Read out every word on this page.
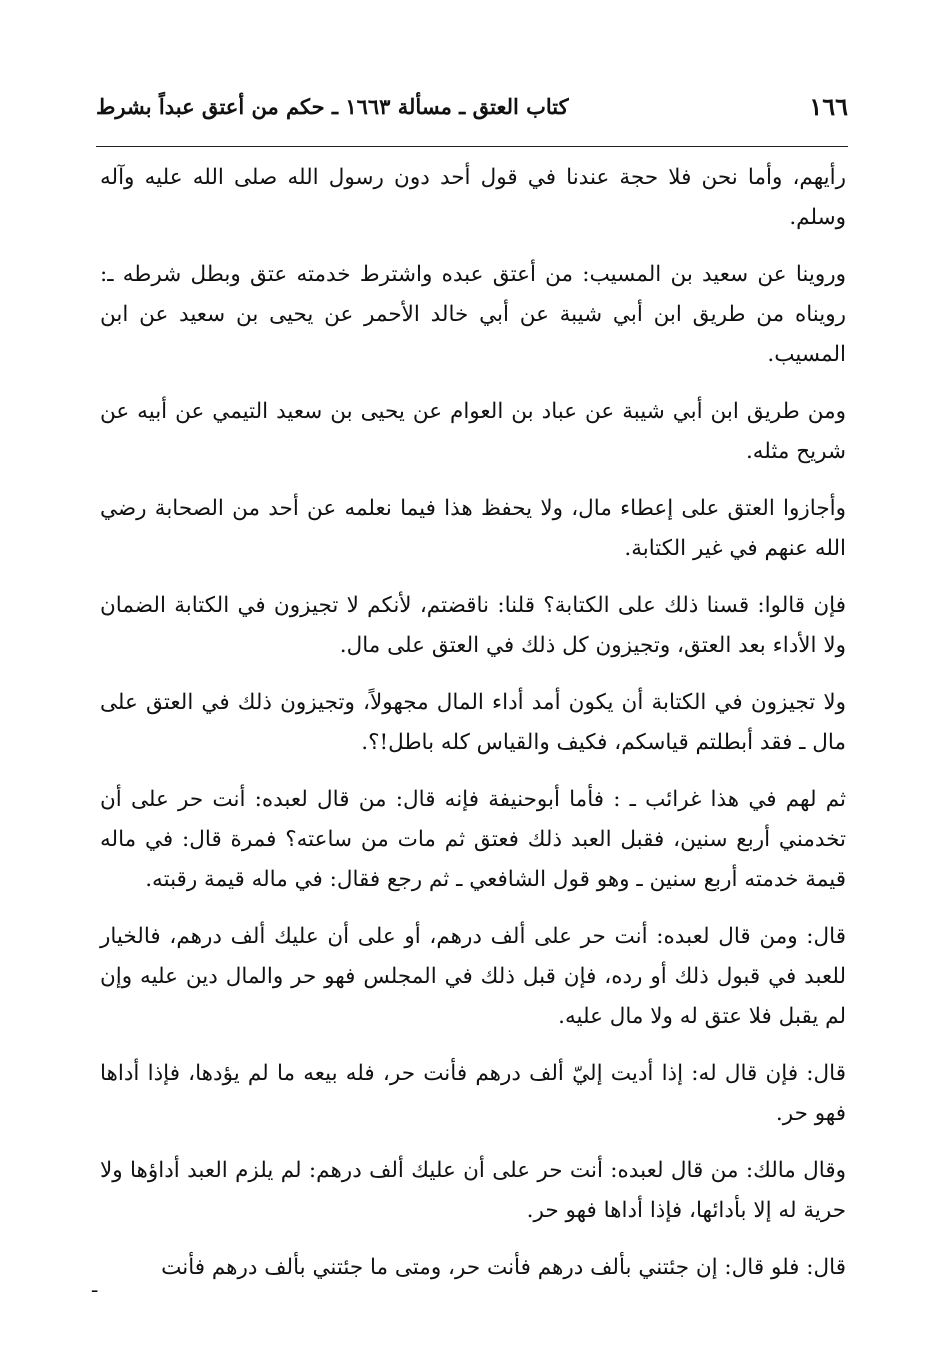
١٦٦
كتاب العتق ـ مسألة ١٦٦٣ ـ حكم من أعتق عبداً بشرط

رأيهم، وأما نحن فلا حجة عندنا في قول أحد دون رسول الله صلى الله عليه وآله وسلم.

وروينا عن سعيد بن المسيب: من أعتق عبده واشترط خدمته عتق وبطل شرطه ـ: رويناه من طريق ابن أبي شيبة عن أبي خالد الأحمر عن يحيى بن سعيد عن ابن المسيب.

ومن طريق ابن أبي شيبة عن عباد بن العوام عن يحيى بن سعيد التيمي عن أبيه عن شريح مثله.

وأجازوا العتق على إعطاء مال، ولا يحفظ هذا فيما نعلمه عن أحد من الصحابة رضي الله عنهم في غير الكتابة.

فإن قالوا: قسنا ذلك على الكتابة؟ قلنا: ناقضتم، لأنكم لا تجيزون في الكتابة الضمان ولا الأداء بعد العتق، وتجيزون كل ذلك في العتق على مال.

ولا تجيزون في الكتابة أن يكون أمد أداء المال مجهولاً، وتجيزون ذلك في العتق على مال ـ فقد أبطلتم قياسكم، فكيف والقياس كله باطل!؟.

ثم لهم في هذا غرائب ـ : فأما أبوحنيفة فإنه قال: من قال لعبده: أنت حر على أن تخدمني أربع سنين، فقبل العبد ذلك فعتق ثم مات من ساعته؟ فمرة قال: في ماله قيمة خدمته أربع سنين ـ وهو قول الشافعي ـ ثم رجع فقال: في ماله قيمة رقبته.

قال: ومن قال لعبده: أنت حر على ألف درهم، أو على أن عليك ألف درهم، فالخيار للعبد في قبول ذلك أو رده، فإن قبل ذلك في المجلس فهو حر والمال دين عليه وإن لم يقبل فلا عتق له ولا مال عليه.

قال: فإن قال له: إذا أديت إليّ ألف درهم فأنت حر، فله بيعه ما لم يؤدها، فإذا أداها فهو حر.

وقال مالك: من قال لعبده: أنت حر على أن عليك ألف درهم: لم يلزم العبد أداؤها ولا حرية له إلا بأدائها، فإذا أداها فهو حر.

قال: فلو قال: إن جئتني بألف درهم فأنت حر، ومتى ما جئتني بألف درهم فأنت

ـ
